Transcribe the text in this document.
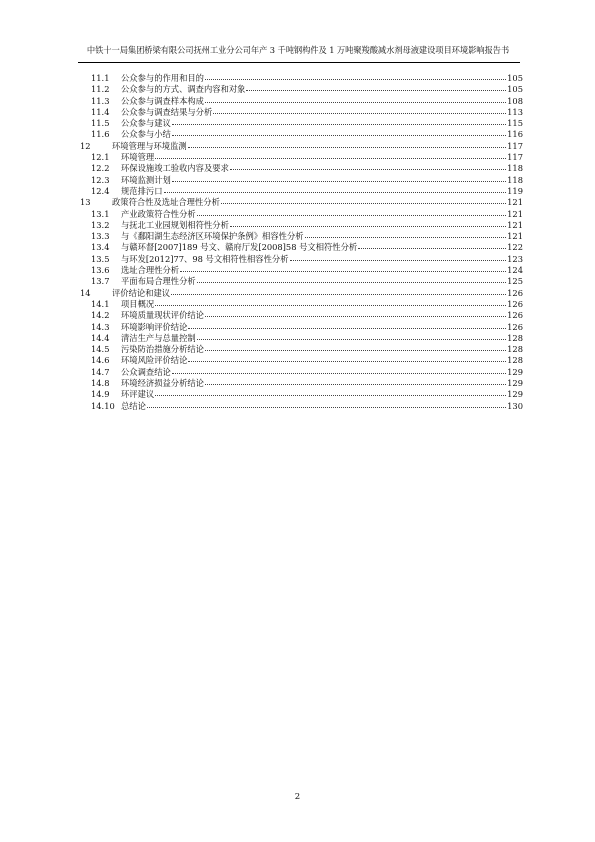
中铁十一局集团桥梁有限公司抚州工业分公司年产 3 千吨钢构件及 1 万吨聚羧酸减水剂母液建设项目环境影响报告书
11.1	公众参与的作用和目的	105
11.2	公众参与的方式、调查内容和对象	105
11.3	公众参与调查样本构成	108
11.4	公众参与调查结果与分析	113
11.5	公众参与建议	115
11.6	公众参与小结	116
12	环境管理与环境监测	117
12.1	环境管理	117
12.2	环保设施竣工验收内容及要求	118
12.3	环境监测计划	118
12.4	规范排污口	119
13	政策符合性及选址合理性分析	121
13.1	产业政策符合性分析	121
13.2	与抚北工业园规划相符性分析	121
13.3	与《鄱阳湖生态经济区环境保护条例》相容性分析	121
13.4	与赣环督[2007]189 号文、赣府厅发[2008]58 号文相符性分析	122
13.5	与环发[2012]77、98 号文相符性相容性分析	123
13.6	选址合理性分析	124
13.7	平面布局合理性分析	125
14	评价结论和建议	126
14.1	项目概况	126
14.2	环境质量现状评价结论	126
14.3	环境影响评价结论	126
14.4	清洁生产与总量控制	128
14.5	污染防治措施分析结论	128
14.6	环境风险评价结论	128
14.7	公众调查结论	129
14.8	环境经济损益分析结论	129
14.9	环评建议	129
14.10 总结论	130
2
